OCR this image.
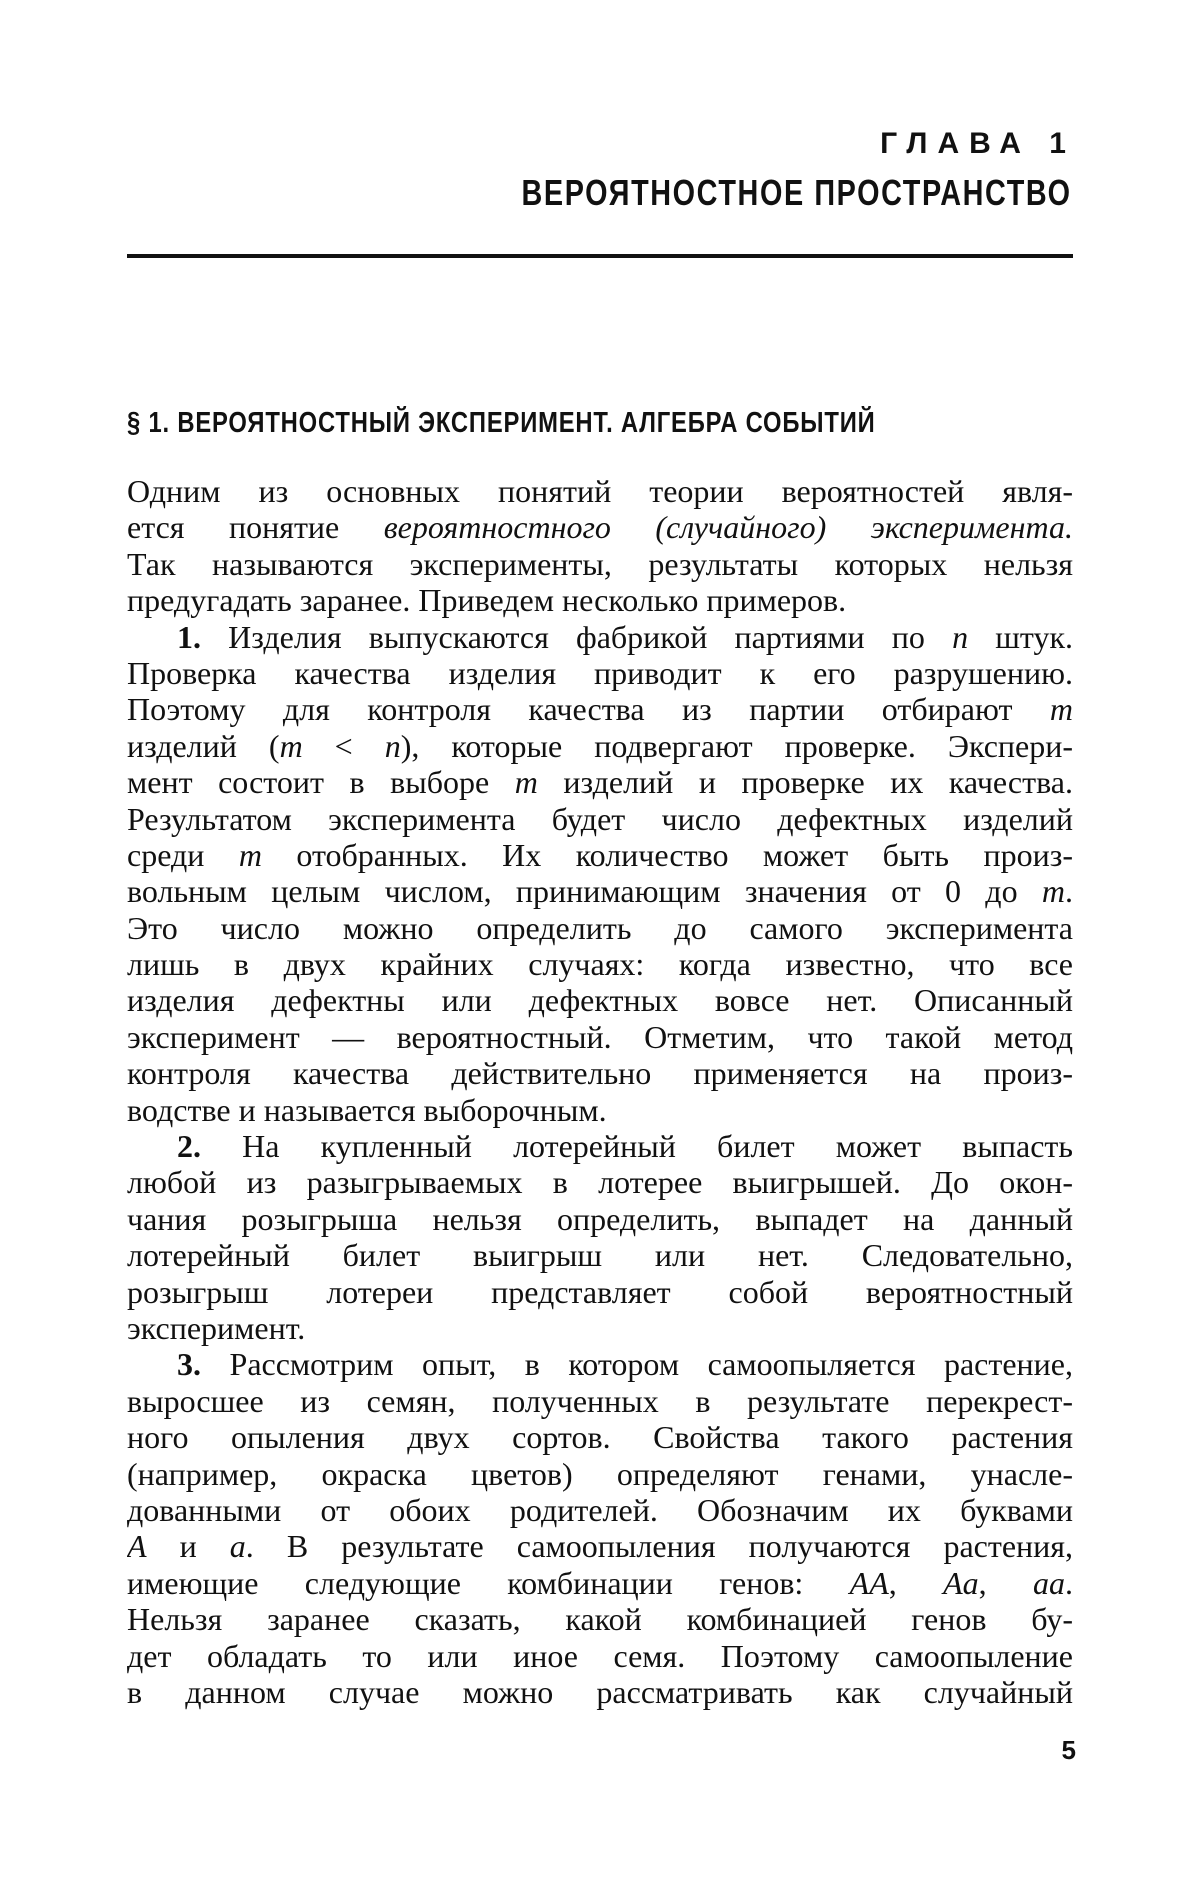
ГЛАВА 1
ВЕРОЯТНОСТНОЕ ПРОСТРАНСТВО
§ 1. ВЕРОЯТНОСТНЫЙ ЭКСПЕРИМЕНТ. АЛГЕБРА СОБЫТИЙ
Одним из основных понятий теории вероятностей явля-
ется понятие вероятностного (случайного) эксперимента.
Так называются эксперименты, результаты которых нельзя
предугадать заранее. Приведем несколько примеров.
1. Изделия выпускаются фабрикой партиями по n штук.
Проверка качества изделия приводит к его разрушению.
Поэтому для контроля качества из партии отбирают m
изделий (m < n), которые подвергают проверке. Экспери-
мент состоит в выборе m изделий и проверке их качества.
Результатом эксперимента будет число дефектных изделий
среди m отобранных. Их количество может быть произ-
вольным целым числом, принимающим значения от 0 до m.
Это число можно определить до самого эксперимента
лишь в двух крайних случаях: когда известно, что все
изделия дефектны или дефектных вовсе нет. Описанный
эксперимент — вероятностный. Отметим, что такой метод
контроля качества действительно применяется на произ-
водстве и называется выборочным.
2. На купленный лотерейный билет может выпасть
любой из разыгрываемых в лотерее выигрышей. До окон-
чания розыгрыша нельзя определить, выпадет на данный
лотерейный билет выигрыш или нет. Следовательно,
розыгрыш лотереи представляет собой вероятностный
эксперимент.
3. Рассмотрим опыт, в котором самоопыляется растение,
выросшее из семян, полученных в результате перекрест-
ного опыления двух сортов. Свойства такого растения
(например, окраска цветов) определяют генами, унасле-
дованными от обоих родителей. Обозначим их буквами
A и a. В результате самоопыления получаются растения,
имеющие следующие комбинации генов: AA, Aa, aa.
Нельзя заранее сказать, какой комбинацией генов бу-
дет обладать то или иное семя. Поэтому самоопыление
в данном случае можно рассматривать как случайный
5
